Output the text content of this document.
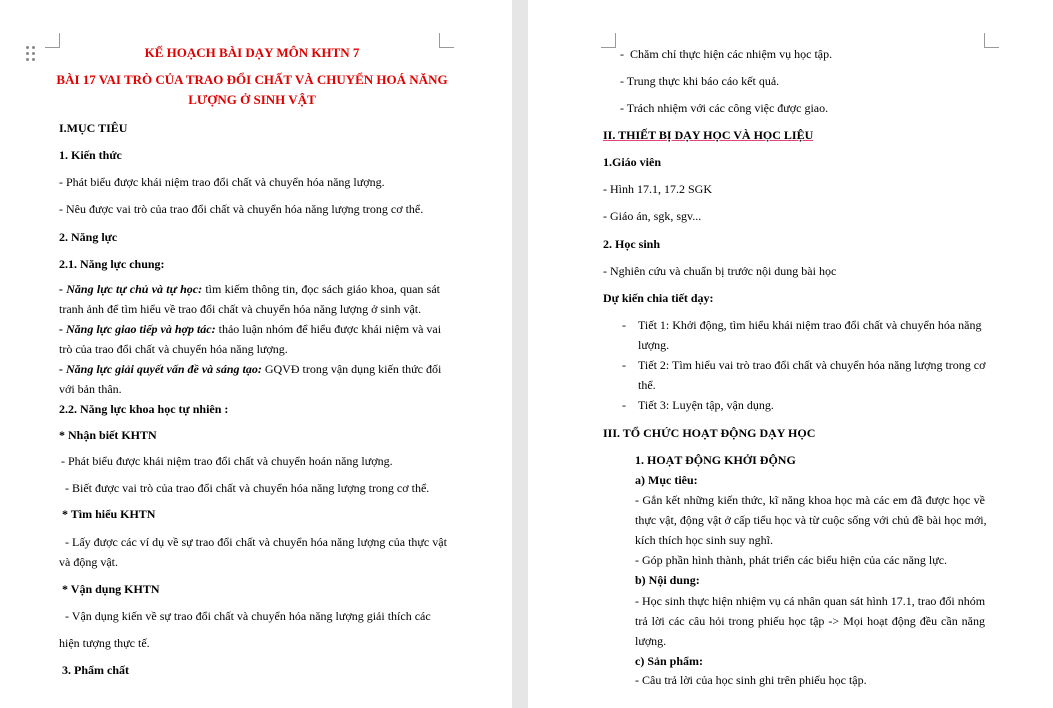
KẾ HOẠCH BÀI DẠY MÔN KHTN 7
BÀI 17 VAI TRÒ CỦA TRAO ĐỔI CHẤT VÀ CHUYỂN HOÁ NĂNG
LƯỢNG Ở SINH VẬT
I.MỤC TIÊU
1. Kiến thức
- Phát biểu được khái niệm trao đổi chất và chuyển hóa năng lượng.
- Nêu được vai trò của trao đổi chất và chuyển hóa năng lượng trong cơ thể.
2. Năng lực
2.1. Năng lực chung:
- Năng lực tự chủ và tự học: tìm kiếm thông tin, đọc sách giáo khoa, quan sát
tranh ảnh để tìm hiểu về trao đổi chất và chuyển hóa năng lượng ở sinh vật.
- Năng lực giao tiếp và hợp tác: thảo luận nhóm để hiểu được khái niệm và vai
trò của trao đổi chất và chuyển hóa năng lượng.
- Năng lực giải quyết vấn đề và sáng tạo: GQVĐ trong vận dụng kiến thức đối
với bản thân.
2.2. Năng lực khoa học tự nhiên :
* Nhận biết KHTN
- Phát biểu được khái niệm trao đổi chất và chuyển hoán năng lượng.
- Biết được vai trò của trao đổi chất và chuyển hóa năng lượng trong cơ thể.
* Tìm hiểu KHTN
- Lấy được các ví dụ về sự trao đổi chất và chuyển hóa năng lượng của thực vật
và động vật.
* Vận dụng KHTN
- Vận dụng kiến về sự trao đổi chất và chuyển hóa năng lượng giải thích các
hiện tượng thực tế.
3. Phẩm chất
-  Chăm chỉ thực hiện các nhiệm vụ học tập.
- Trung thực khi báo cáo kết quả.
- Trách nhiệm với các công việc được giao.
II. THIẾT BỊ DẠY HỌC VÀ HỌC LIỆU
1.Giáo viên
- Hình 17.1, 17.2 SGK
- Giáo án, sgk, sgv...
2. Học sinh
- Nghiên cứu và chuẩn bị trước nội dung bài học
Dự kiến chia tiết dạy:
- Tiết 1: Khởi động, tìm hiểu khái niệm trao đổi chất và chuyển hóa năng
lượng.
- Tiết 2: Tìm hiểu vai trò trao đổi chất và chuyển hóa năng lượng trong cơ
thể.
- Tiết 3: Luyện tập, vận dụng.
III. TỔ CHỨC HOẠT ĐỘNG DẠY HỌC
1. HOẠT ĐỘNG KHỞI ĐỘNG
a) Mục tiêu:
- Gắn kết những kiến thức, kĩ năng khoa học mà các em đã được học về
thực vật, động vật ở cấp tiểu học và từ cuộc sống với chủ đề bài học mới,
kích thích học sinh suy nghĩ.
- Góp phần hình thành, phát triển các biểu hiện của các năng lực.
b) Nội dung:
- Học sinh thực hiện nhiệm vụ cá nhân quan sát hình 17.1, trao đổi nhóm
trả lời các câu hỏi trong phiếu học tập -> Mọi hoạt động đều cần năng
lượng.
c) Sản phẩm:
- Câu trả lời của học sinh ghi trên phiếu học tập.
